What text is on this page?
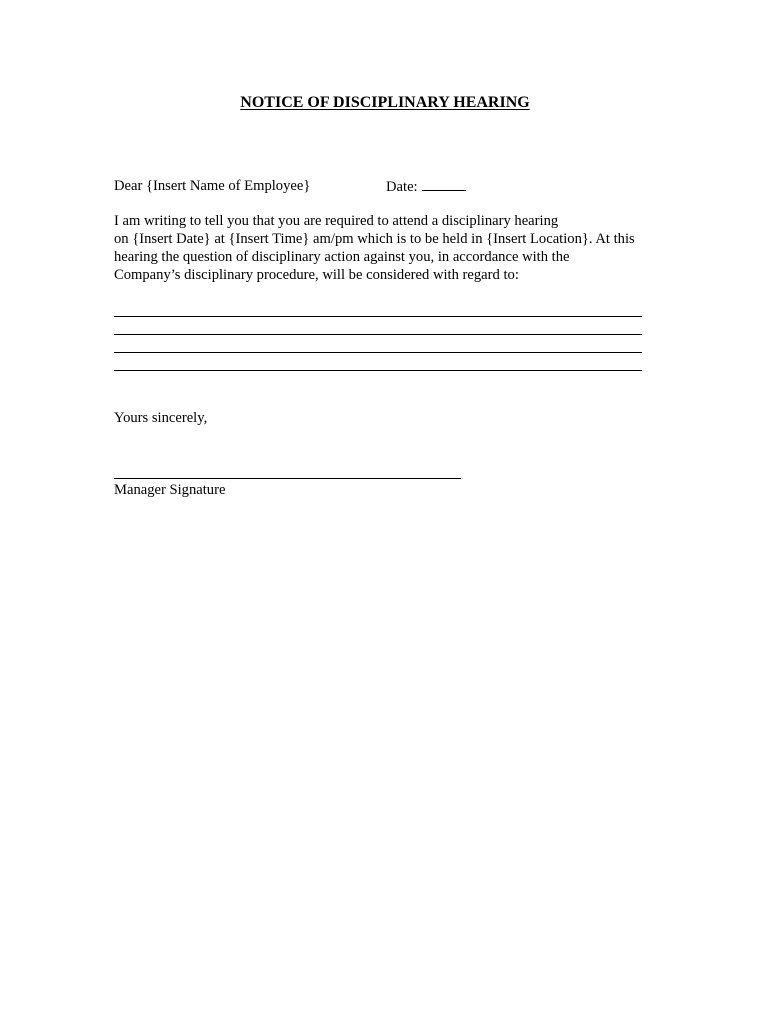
NOTICE OF DISCIPLINARY HEARING
Dear {Insert Name of Employee}	Date:
I am writing to tell you that you are required to attend a disciplinary hearing
on {Insert Date} at {Insert Time} am/pm which is to be held in {Insert Location}. At this
hearing the question of disciplinary action against you, in accordance with the
Company’s disciplinary procedure, will be considered with regard to:
Yours sincerely,
Manager Signature
